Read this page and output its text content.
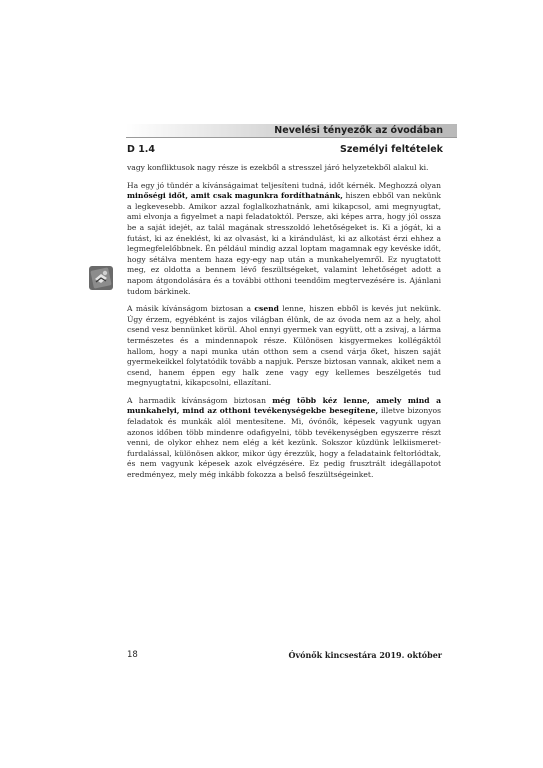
Nevelési tényezők az óvodában
D 1.4	Személyi feltételek

vagy konfliktusok nagy része is ezekből a stresszel járó helyzetekből alakul ki.

Ha egy jó tündér a kívánságaimat teljesíteni tudná, időt kérnék. Meghozzá olyan minőségi időt, amit csak magunkra fordíthatnánk, hiszen ebből van nekünk a legkevesebb. Amikor azzal foglalkozhatnánk, ami kikapcsol, ami megnyugtat, ami elvonja a figyelmet a napi feladatoktól. Persze, aki képes arra, hogy jól ossza be a saját idejét, az talál magának stresszoldó lehetőségeket is. Ki a jógát, ki a futást, ki az éneklést, ki az olvasást, ki a kirándulást, ki az alkotást érzi ehhez a legmegfelelőbbnek. Én például mindig azzal loptam magamnak egy kevéske időt, hogy sétálva mentem haza egy-egy nap után a munkahelyemről. Ez nyugtatott meg, ez oldotta a bennem lévő feszültségeket, valamint lehetőséget adott a napom átgondolására és a további otthoni teendőim megtervezésére is. Ajánlani tudom bárkinek.

A másik kívánságom biztosan a csend lenne, hiszen ebből is kevés jut nekünk. Úgy érzem, egyébként is zajos világban élünk, de az óvoda nem az a hely, ahol csend vesz bennünket körül. Ahol ennyi gyermek van együtt, ott a zsivaj, a lárma természetes és a mindennapok része. Különösen kisgyermekes kollégáktól hallom, hogy a napi munka után otthon sem a csend várja őket, hiszen saját gyermekeikkel folytatódik tovább a napjuk. Persze biztosan vannak, akiket nem a csend, hanem éppen egy halk zene vagy egy kellemes beszélgetés tud megnyugtatni, kikapcsolni, ellazítani.

A harmadik kívánságom biztosan még több kéz lenne, amely mind a munkahelyi, mind az otthoni tevékenységekbe besegítene, illetve bizonyos feladatok és munkák alól mentesítene. Mi, óvónők, képesek vagyunk ugyan azonos időben több mindenre odafigyelni, több tevékenységben egyszerre részt venni, de olykor ehhez nem elég a két kezünk. Sokszor küzdünk lelkiismeret-furdalással, különösen akkor, mikor úgy érezzük, hogy a feladataink feltorlódtak, és nem vagyunk képesek azok elvégzésére. Ez pedig frusztrált idegállapotot eredményez, mely még inkább fokozza a belső feszültségeinket.

18	Óvónők kincsestára 2019. október
